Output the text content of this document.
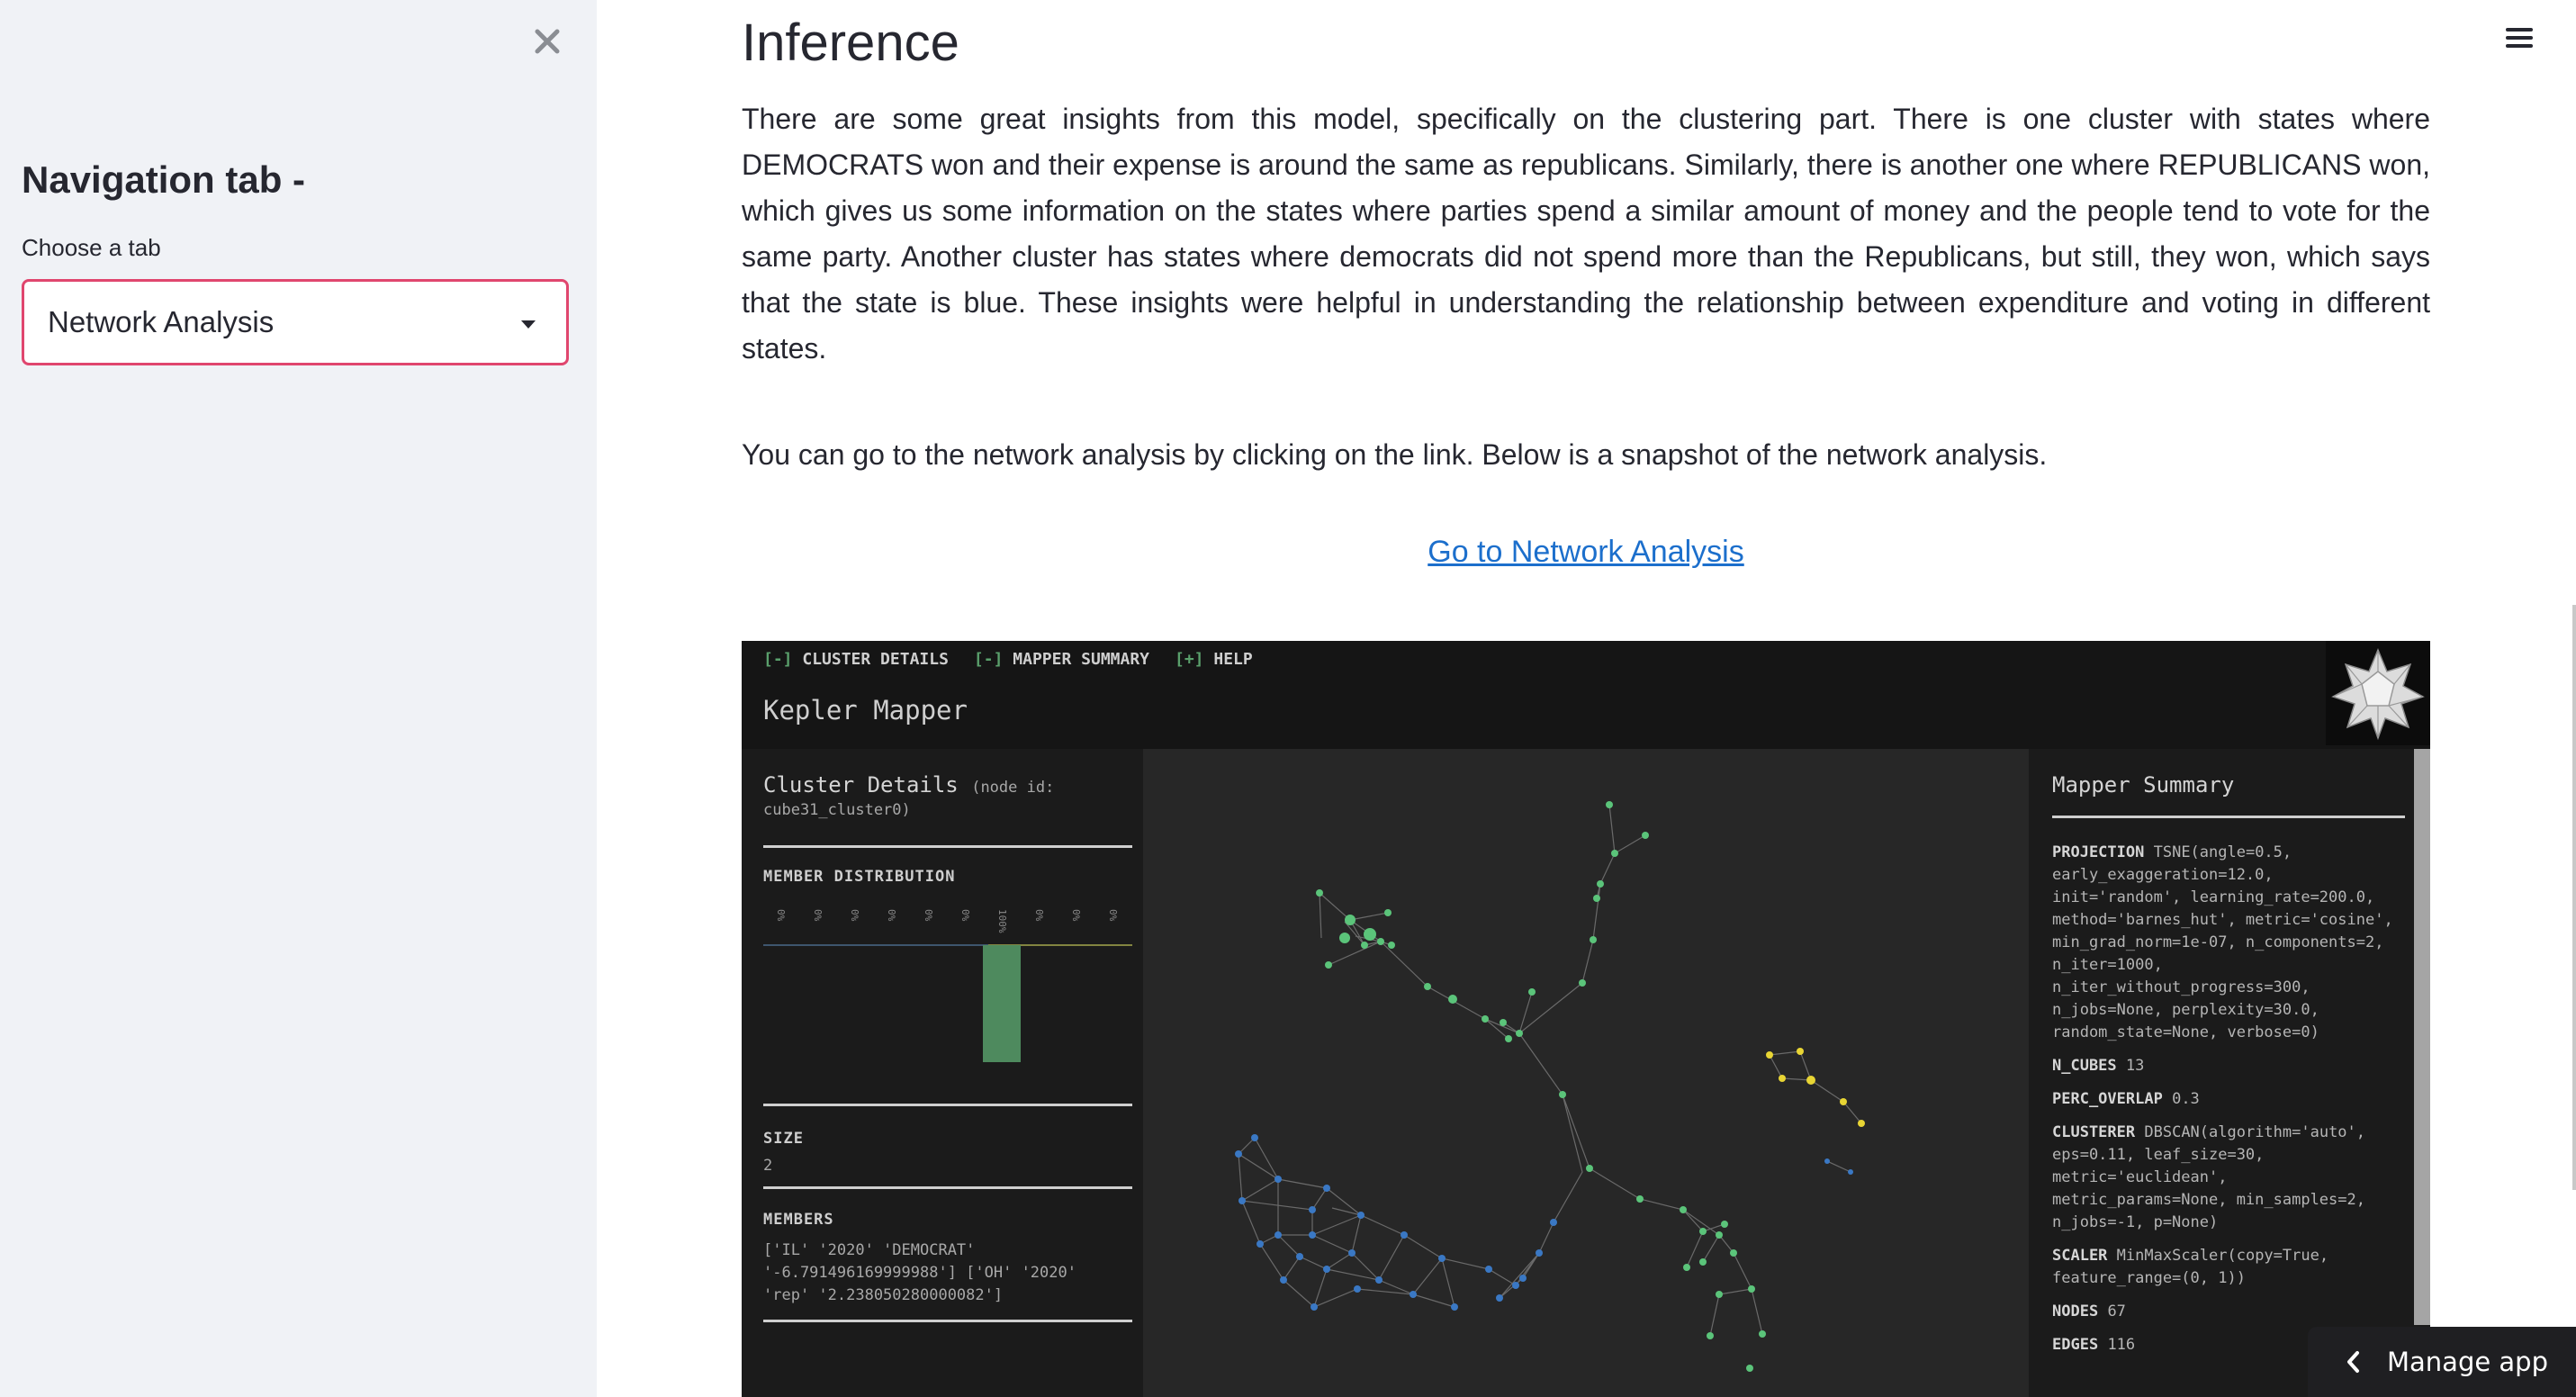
Navigation tab -
Choose a tab
Network Analysis
Inference

There are some great insights from this model, specifically on the clustering part. There is one cluster with states where DEMOCRATS won and their expense is around the same as republicans. Similarly, there is another one where REPUBLICANS won, which gives us some information on the states where parties spend a similar amount of money and the people tend to vote for the same party. Another cluster has states where democrats did not spend more than the Republicans, but still, they won, which says that the state is blue. These insights were helpful in understanding the relationship between expenditure and voting in different states.

You can go to the network analysis by clicking on the link. Below is a snapshot of the network analysis.

Go to Network Analysis
[-] CLUSTER DETAILS [-] MAPPER SUMMARY [+] HELP
Kepler Mapper
Cluster Details (node id:
cube31_cluster0)
MEMBER DISTRIBUTION
0%	0%	0%	0%	0%	0%	100%	0%	0%	0%
SIZE
2
MEMBERS
['IL' '2020' 'DEMOCRAT'
'-6.791496169999988'] ['OH' '2020'
'rep' '2.238050280000082']
Mapper Summary
PROJECTION TSNE(angle=0.5, early_exaggeration=12.0, init='random', learning_rate=200.0, method='barnes_hut', metric='cosine', min_grad_norm=1e-07, n_components=2, n_iter=1000, n_iter_without_progress=300, n_jobs=None, perplexity=30.0, random_state=None, verbose=0)
N_CUBES 13
PERC_OVERLAP 0.3
CLUSTERER DBSCAN(algorithm='auto', eps=0.11, leaf_size=30, metric='euclidean', metric_params=None, min_samples=2, n_jobs=-1, p=None)
SCALER MinMaxScaler(copy=True, feature_range=(0, 1))
NODES 67
EDGES 116
Manage app
